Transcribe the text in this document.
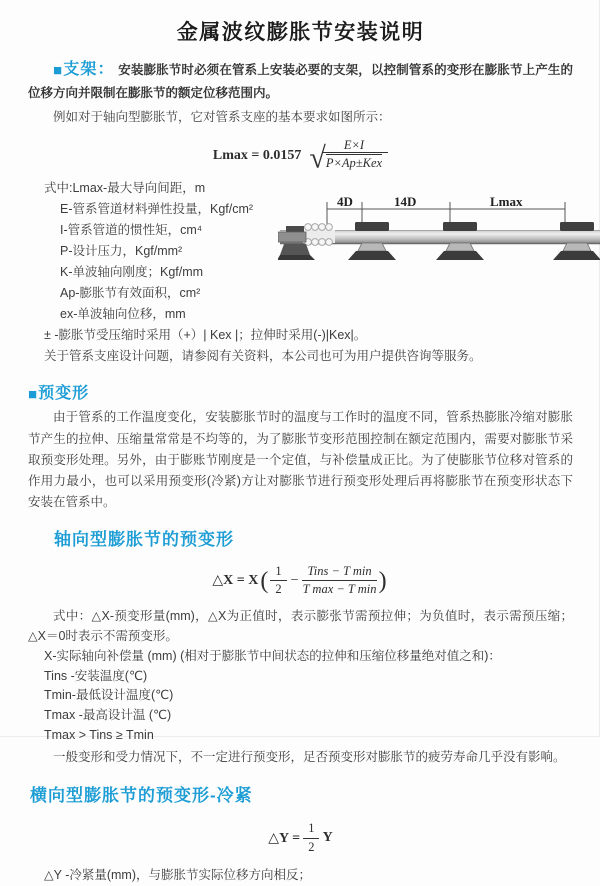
金属波纹膨胀节安装说明

■支架： 安装膨胀节时必须在管系上安装必要的支架，以控制管系的变形在膨胀节上产生的位移方向并限制在膨胀节的额定位移范围内。

例如对于轴向型膨胀节，它对管系支座的基本要求如图所示：

Lmax = 0.0157 √ $\frac{E\times I}{\text{P×Ap±Kex}}$
式中:Lmax-最大导向间距，m
E-管系管道材料弹性投量，Kgf/cm²
I-管系管道的惯性矩，cm⁴
P-设计压力，Kgf/mm²
K-单波轴向刚度；Kgf/mm
Ap-膨胀节有效面积，cm²
ex-单波轴向位移，mm
4D	14D	Lmax

± -膨胀节受压缩时采用（+）| Kex |；拉伸时采用(-)|Kex|。

关于管系支座设计问题，请参阅有关资料，本公司也可为用户提供咨询等服务。

■预变形

由于管系的工作温度变化，安装膨胀节时的温度与工作时的温度不同，管系热膨胀冷缩对膨胀节产生的拉伸、压缩量常常是不均等的，为了膨胀节变形范围控制在额定范围内，需要对膨胀节采取预变形处理。另外，由于膨账节刚度是一个定值，与补偿量成正比。为了使膨胀节位移对管系的作用力最小，也可以采用预变形(冷紧)方让对膨胀节进行预变形处理后再将膨胀节在预变形状态下安装在管系中。

轴向型膨胀节的预变形
△X = $X( \frac{1}{2} - \frac{\text{Tins − T min}}{\text{T max − T min}}$ )

式中：△X-预变形量(mm)，△X为正值时，表示膨张节需预拉伸；为负值时，表示需预压缩；△X＝0时表示不需预变形。

X-实际轴向补偿量 (mm) (相对于膨胀节中间状态的拉伸和压缩位移量绝对值之和)：
Tins -安装温度(℃)
Tmin-最低设计温度(℃)
Tmax -最高设计温 (℃)
Tmax > Tins ≥ Tmin

一般变形和受力情况下，不一定进行预变形，足否预变形对膨胀节的疲劳寿命几乎没有影响。

横向型膨胀节的预变形-冷紧
△Y = $\frac{1}{2}$ Y

△Y -冷紧量(mm)，与膨胀节实际位移方向相反；
